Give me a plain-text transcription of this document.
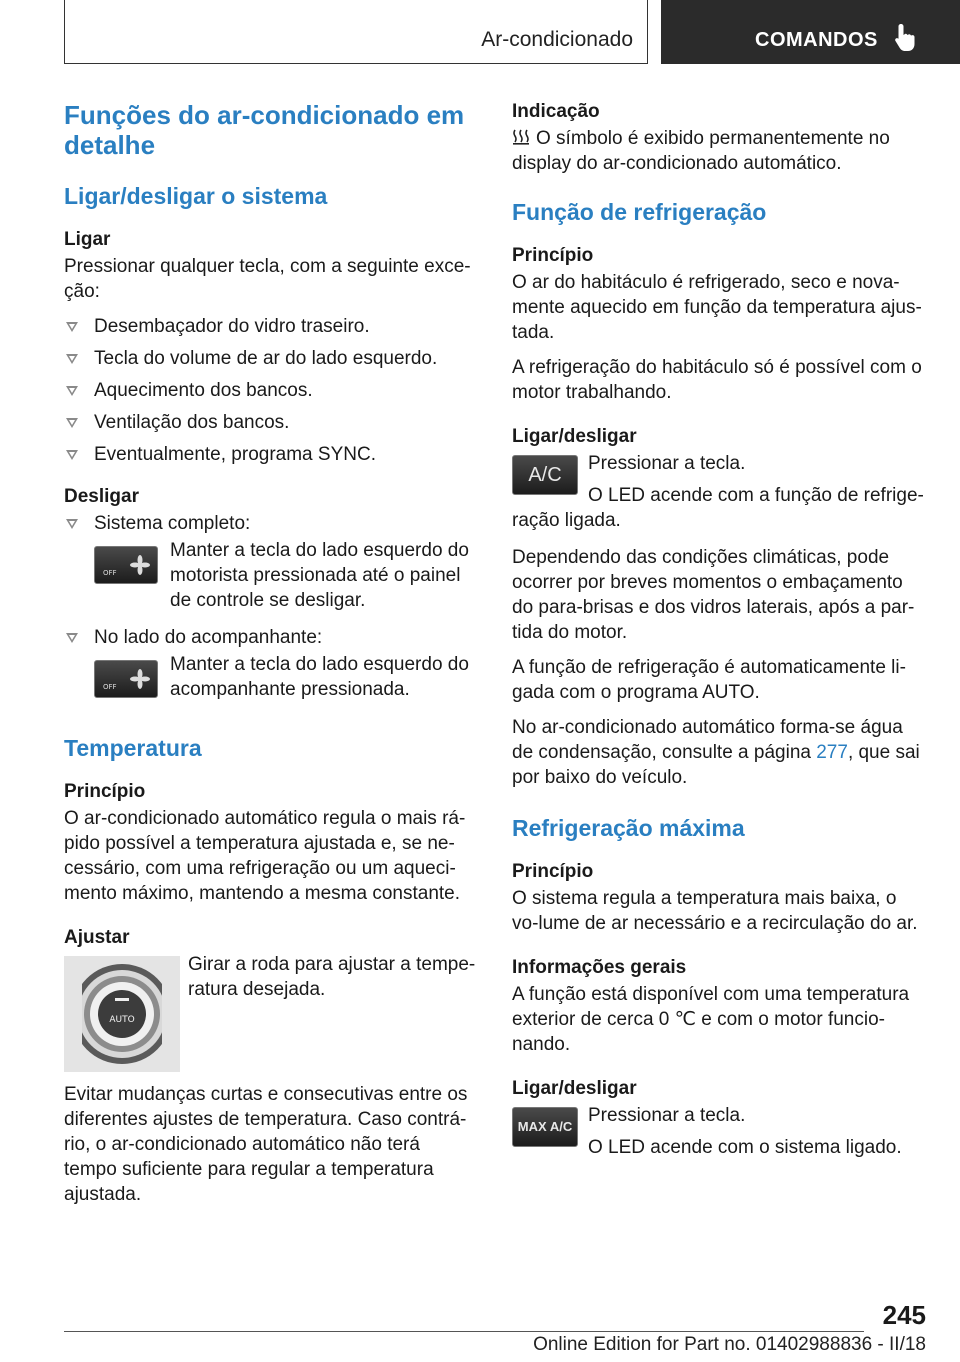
Ar-condicionado	COMANDOS
Funções do ar-condicionado em detalhe
Ligar/desligar o sistema
Ligar
Pressionar qualquer tecla, com a seguinte exce-ção:
Desembaçador do vidro traseiro.
Tecla do volume de ar do lado esquerdo.
Aquecimento dos bancos.
Ventilação dos bancos.
Eventualmente, programa SYNC.
Desligar
Sistema completo:
OFF
Manter a tecla do lado esquerdo do motorista pressionada até o painel de controle se desligar.
No lado do acompanhante:
OFF
Manter a tecla do lado esquerdo do acompanhante pressionada.
Temperatura
Princípio
O ar-condicionado automático regula o mais rá-pido possível a temperatura ajustada e, se ne-cessário, com uma refrigeração ou um aqueci-mento máximo, mantendo a mesma constante.
Ajustar
AUTO
Girar a roda para ajustar a tempe-ratura desejada.
Evitar mudanças curtas e consecutivas entre os diferentes ajustes de temperatura. Caso contrá-rio, o ar-condicionado automático não terá tempo suficiente para regular a temperatura ajustada.
Indicação
O símbolo é exibido permanentemente no display do ar-condicionado automático.
Função de refrigeração
Princípio
O ar do habitáculo é refrigerado, seco e nova-mente aquecido em função da temperatura ajus-tada.
A refrigeração do habitáculo só é possível com o motor trabalhando.
Ligar/desligar
A/C
Pressionar a tecla.
O LED acende com a função de refrige-
ração ligada.
Dependendo das condições climáticas, pode ocorrer por breves momentos o embaçamento do para-brisas e dos vidros laterais, após a par-tida do motor.
A função de refrigeração é automaticamente li-gada com o programa AUTO.
No ar-condicionado automático forma-se água de condensação, consulte a página 277, que sai por baixo do veículo.
Refrigeração máxima
Princípio
O sistema regula a temperatura mais baixa, o vo-lume de ar necessário e a recirculação do ar.
Informações gerais
A função está disponível com uma temperatura exterior de cerca 0 ℃ e com o motor funcio-nando.
Ligar/desligar
MAX A/C
Pressionar a tecla.
O LED acende com o sistema ligado.
245
Online Edition for Part no. 01402988836 - II/18
